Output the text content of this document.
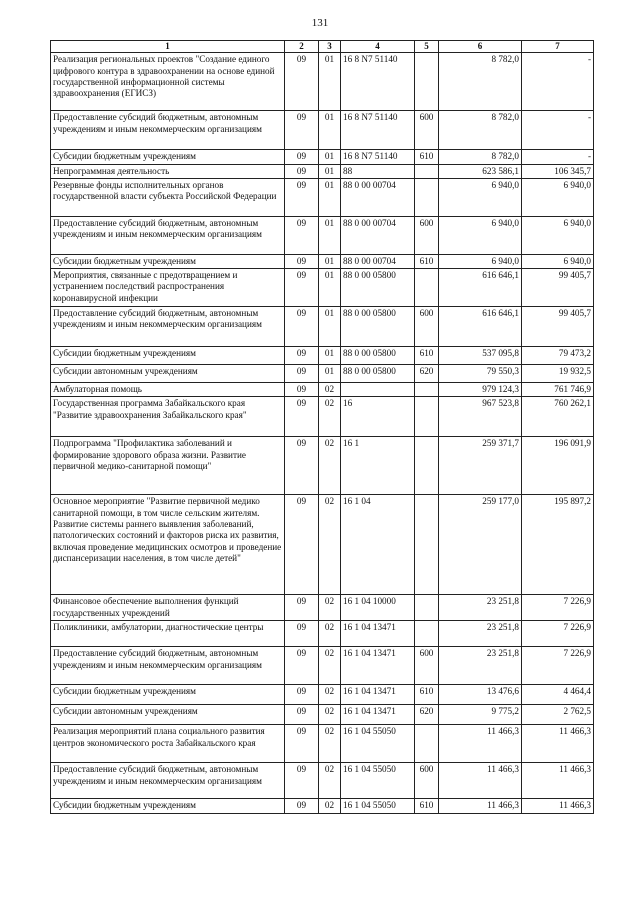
131
1	2	3	4	5	6	7
Реализация региональных проектов "Создание единого цифрового контура в здравоохранении на основе единой государственной информационной системы здравоохранения (ЕГИСЗ)	09	01	16 8 N7 51140		8 782,0	-
Предоставление субсидий бюджетным, автономным учреждениям и иным некоммерческим организациям	09	01	16 8 N7 51140	600	8 782,0	-
Субсидии бюджетным учреждениям	09	01	16 8 N7 51140	610	8 782,0	-
Непрограммная деятельность	09	01	88		623 586,1	106 345,7
Резервные фонды исполнительных органов государственной власти субъекта Российской Федерации	09	01	88 0 00 00704		6 940,0	6 940,0
Предоставление субсидий бюджетным, автономным учреждениям и иным некоммерческим организациям	09	01	88 0 00 00704	600	6 940,0	6 940,0
Субсидии бюджетным учреждениям	09	01	88 0 00 00704	610	6 940,0	6 940,0
Мероприятия, связанные с предотвращением и устранением последствий распространения коронавирусной инфекции	09	01	88 0 00 05800		616 646,1	99 405,7
Предоставление субсидий бюджетным, автономным учреждениям и иным некоммерческим организациям	09	01	88 0 00 05800	600	616 646,1	99 405,7
Субсидии бюджетным учреждениям	09	01	88 0 00 05800	610	537 095,8	79 473,2
Субсидии автономным учреждениям	09	01	88 0 00 05800	620	79 550,3	19 932,5
Амбулаторная помощь	09	02			979 124,3	761 746,9
Государственная программа Забайкальского края "Развитие здравоохранения Забайкальского края"	09	02	16		967 523,8	760 262,1
Подпрограмма "Профилактика заболеваний и формирование здорового образа жизни. Развитие первичной медико-санитарной помощи"	09	02	16 1		259 371,7	196 091,9
Основное мероприятие "Развитие первичной медико санитарной помощи, в том числе сельским жителям. Развитие системы раннего выявления заболеваний, патологических состояний и факторов риска их развития, включая проведение медицинских осмотров и проведение диспансеризации населения, в том числе детей"	09	02	16 1 04		259 177,0	195 897,2
Финансовое обеспечение выполнения функций государственных учреждений	09	02	16 1 04 10000		23 251,8	7 226,9
Поликлиники, амбулатории, диагностические центры	09	02	16 1 04 13471		23 251,8	7 226,9
Предоставление субсидий бюджетным, автономным учреждениям и иным некоммерческим организациям	09	02	16 1 04 13471	600	23 251,8	7 226,9
Субсидии бюджетным учреждениям	09	02	16 1 04 13471	610	13 476,6	4 464,4
Субсидии автономным учреждениям	09	02	16 1 04 13471	620	9 775,2	2 762,5
Реализация мероприятий плана социального развития центров экономического роста Забайкальского края	09	02	16 1 04 55050		11 466,3	11 466,3
Предоставление субсидий бюджетным, автономным учреждениям и иным некоммерческим организациям	09	02	16 1 04 55050	600	11 466,3	11 466,3
Субсидии бюджетным учреждениям	09	02	16 1 04 55050	610	11 466,3	11 466,3
